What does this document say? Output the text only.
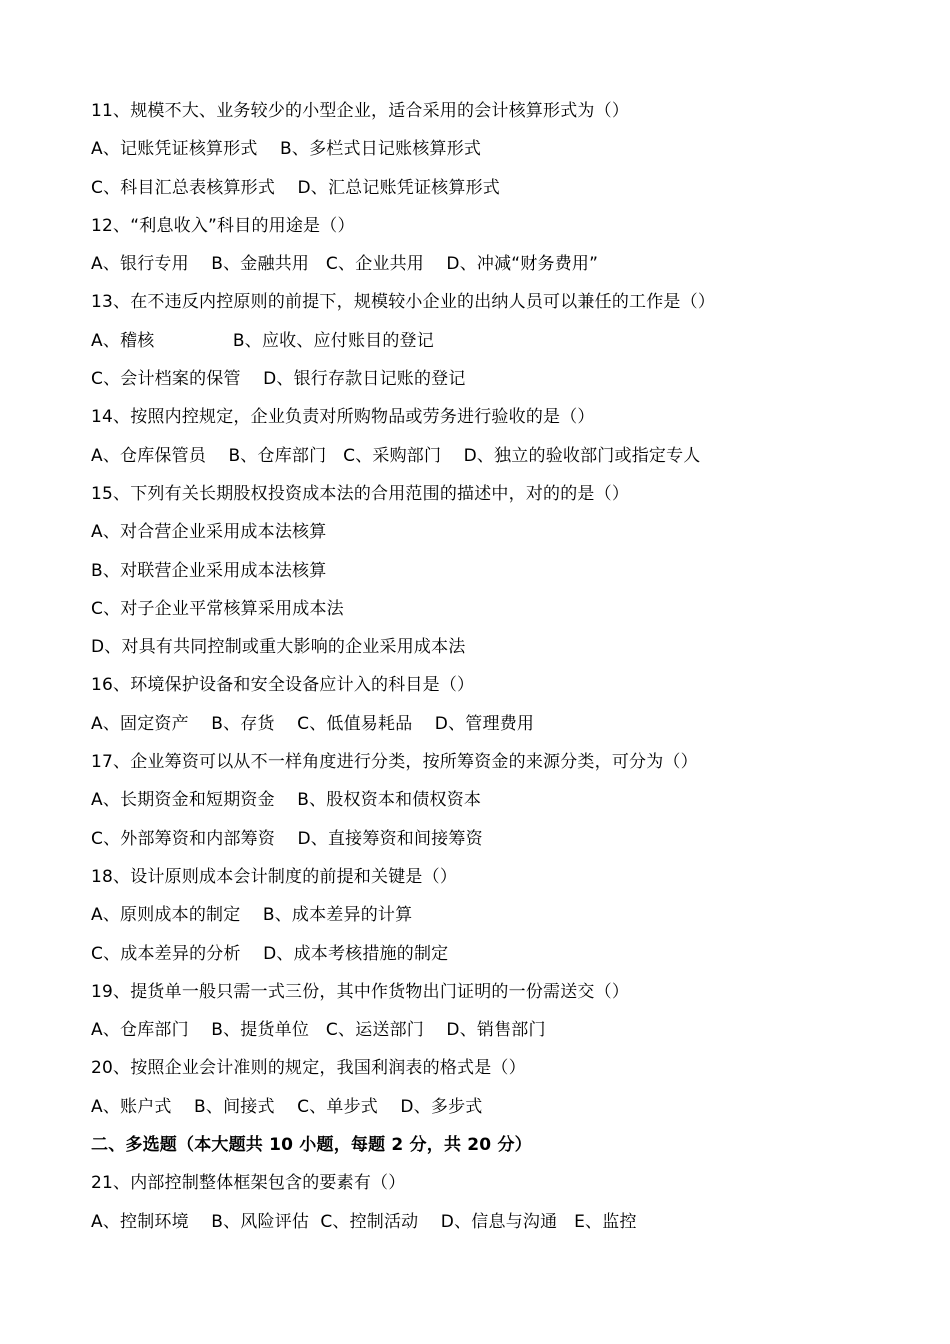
11、规模不大、业务较少的小型企业，适合采用的会计核算形式为（）
A、记账凭证核算形式    B、多栏式日记账核算形式
C、科目汇总表核算形式    D、汇总记账凭证核算形式
12、“利息收入”科目的用途是（）
A、银行专用    B、金融共用   C、企业共用    D、冲减“财务费用”
13、在不违反内控原则的前提下，规模较小企业的出纳人员可以兼任的工作是（）
A、稽核              B、应收、应付账目的登记
C、会计档案的保管    D、银行存款日记账的登记
14、按照内控规定，企业负责对所购物品或劳务进行验收的是（）
A、仓库保管员    B、仓库部门   C、采购部门    D、独立的验收部门或指定专人
15、下列有关长期股权投资成本法的合用范围的描述中，对的的是（）
A、对合营企业采用成本法核算
B、对联营企业采用成本法核算
C、对子企业平常核算采用成本法
D、对具有共同控制或重大影响的企业采用成本法
16、环境保护设备和安全设备应计入的科目是（）
A、固定资产    B、存货    C、低值易耗品    D、管理费用
17、企业筹资可以从不一样角度进行分类，按所筹资金的来源分类，可分为（）
A、长期资金和短期资金    B、股权资本和债权资本
C、外部筹资和内部筹资    D、直接筹资和间接筹资
18、设计原则成本会计制度的前提和关键是（）
A、原则成本的制定    B、成本差异的计算
C、成本差异的分析    D、成本考核措施的制定
19、提货单一般只需一式三份，其中作货物出门证明的一份需送交（）
A、仓库部门    B、提货单位   C、运送部门    D、销售部门
20、按照企业会计准则的规定，我国利润表的格式是（）
A、账户式    B、间接式    C、单步式    D、多步式
二、多选题（本大题共 10 小题，每题 2 分，共 20 分）
21、内部控制整体框架包含的要素有（）
A、控制环境    B、风险评估  C、控制活动    D、信息与沟通   E、监控
